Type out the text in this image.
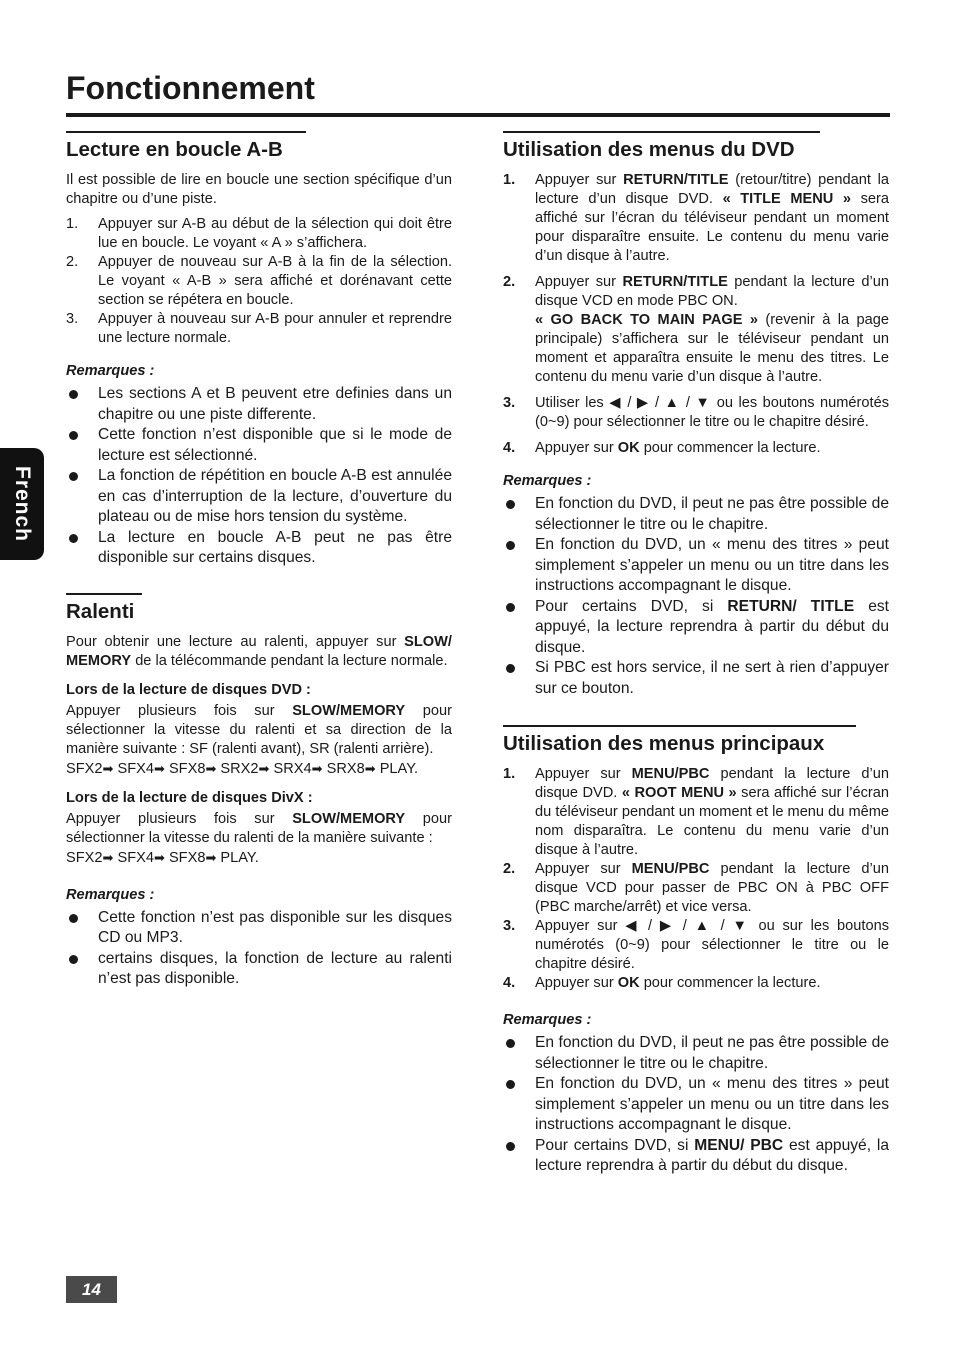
Fonctionnement
French
Lecture en boucle A-B

Il est possible de lire en boucle une section spécifique d’un chapitre ou d’une piste.

1. Appuyer sur A-B au début de la sélection qui doit être lue en boucle. Le voyant « A » s’affichera.
2. Appuyer de nouveau sur A-B à la fin de la sélection. Le voyant « A-B » sera affiché et dorénavant cette section se répétera en boucle.
3. Appuyer à nouveau sur A-B pour annuler et reprendre une lecture normale.
Remarques :
Les sections A et B peuvent etre definies dans un chapitre ou une piste differente.
Cette fonction n’est disponible que si le mode de lecture est sélectionné.
La fonction de répétition en boucle A-B est annulée en cas d’interruption de la lecture, d’ouverture du plateau ou de mise hors tension du système.
La lecture en boucle A-B peut ne pas être disponible sur certains disques.
Ralenti

Pour obtenir une lecture au ralenti, appuyer sur SLOW/ MEMORY de la télécommande pendant la lecture normale.

Lors de la lecture de disques DVD :

Appuyer plusieurs fois sur SLOW/MEMORY pour sélectionner la vitesse du ralenti et sa direction de la manière suivante : SF (ralenti avant), SR (ralenti arrière).

SFX2➡ SFX4➡ SFX8➡ SRX2➡ SRX4➡ SRX8➡ PLAY.

Lors de la lecture de disques DivX :

Appuyer plusieurs fois sur SLOW/MEMORY pour sélectionner la vitesse du ralenti de la manière suivante :

SFX2➡ SFX4➡ SFX8➡ PLAY.

Remarques :
Cette fonction n’est pas disponible sur les disques CD ou MP3.
certains disques, la fonction de lecture au ralenti n’est pas disponible.
Utilisation des menus du DVD
1. Appuyer sur RETURN/TITLE (retour/titre) pendant la lecture d’un disque DVD. « TITLE MENU » sera affiché sur l’écran du téléviseur pendant un moment pour disparaître ensuite. Le contenu du menu varie d’un disque à l’autre.
2. Appuyer sur RETURN/TITLE pendant la lecture d’un disque VCD en mode PBC ON.
« GO BACK TO MAIN PAGE » (revenir à la page principale) s’affichera sur le téléviseur pendant un moment et apparaîtra ensuite le menu des titres. Le contenu du menu varie d’un disque à l’autre.
3. Utiliser les ◀ / ▶ / ▲ / ▼ ou les boutons numérotés (0~9) pour sélectionner le titre ou le chapitre désiré.
4. Appuyer sur OK pour commencer la lecture.
Remarques :
En fonction du DVD, il peut ne pas être possible de sélectionner le titre ou le chapitre.
En fonction du DVD, un « menu des titres » peut simplement s’appeler un menu ou un titre dans les instructions accompagnant le disque.
Pour certains DVD, si RETURN/ TITLE est appuyé, la lecture reprendra à partir du début du disque.
Si PBC est hors service, il ne sert à rien d’appuyer sur ce bouton.
Utilisation des menus principaux
1. Appuyer sur MENU/PBC pendant la lecture d’un disque DVD. « ROOT MENU » sera affiché sur l’écran du téléviseur pendant un moment et le menu du même nom disparaîtra. Le contenu du menu varie d’un disque à l’autre.
2. Appuyer sur MENU/PBC pendant la lecture d’un disque VCD pour passer de PBC ON à PBC OFF (PBC marche/arrêt) et vice versa.
3. Appuyer sur ◀ / ▶ / ▲ / ▼ ou sur les boutons numérotés (0~9) pour sélectionner le titre ou le chapitre désiré.
4. Appuyer sur OK pour commencer la lecture.
Remarques :
En fonction du DVD, il peut ne pas être possible de sélectionner le titre ou le chapitre.
En fonction du DVD, un « menu des titres » peut simplement s’appeler un menu ou un titre dans les instructions accompagnant le disque.
Pour certains DVD, si MENU/ PBC est appuyé, la lecture reprendra à partir du début du disque.
14
